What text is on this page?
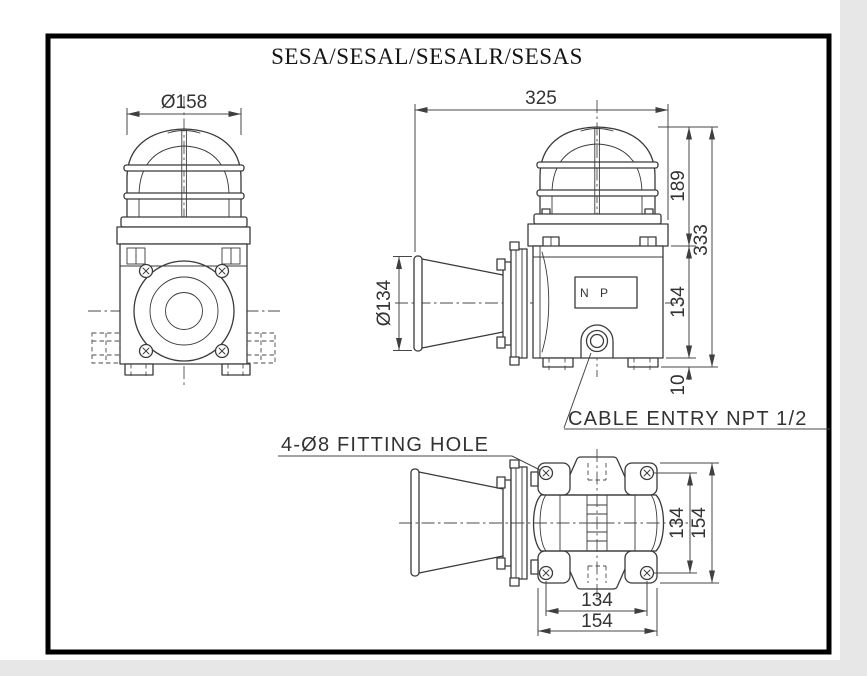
SESA/SESAL/SESALR/SESAS
Ø158
N P
325
189
134
10
333
Ø134
CABLE ENTRY NPT 1/2
134 154
134
154
4-Ø8 FITTING HOLE
